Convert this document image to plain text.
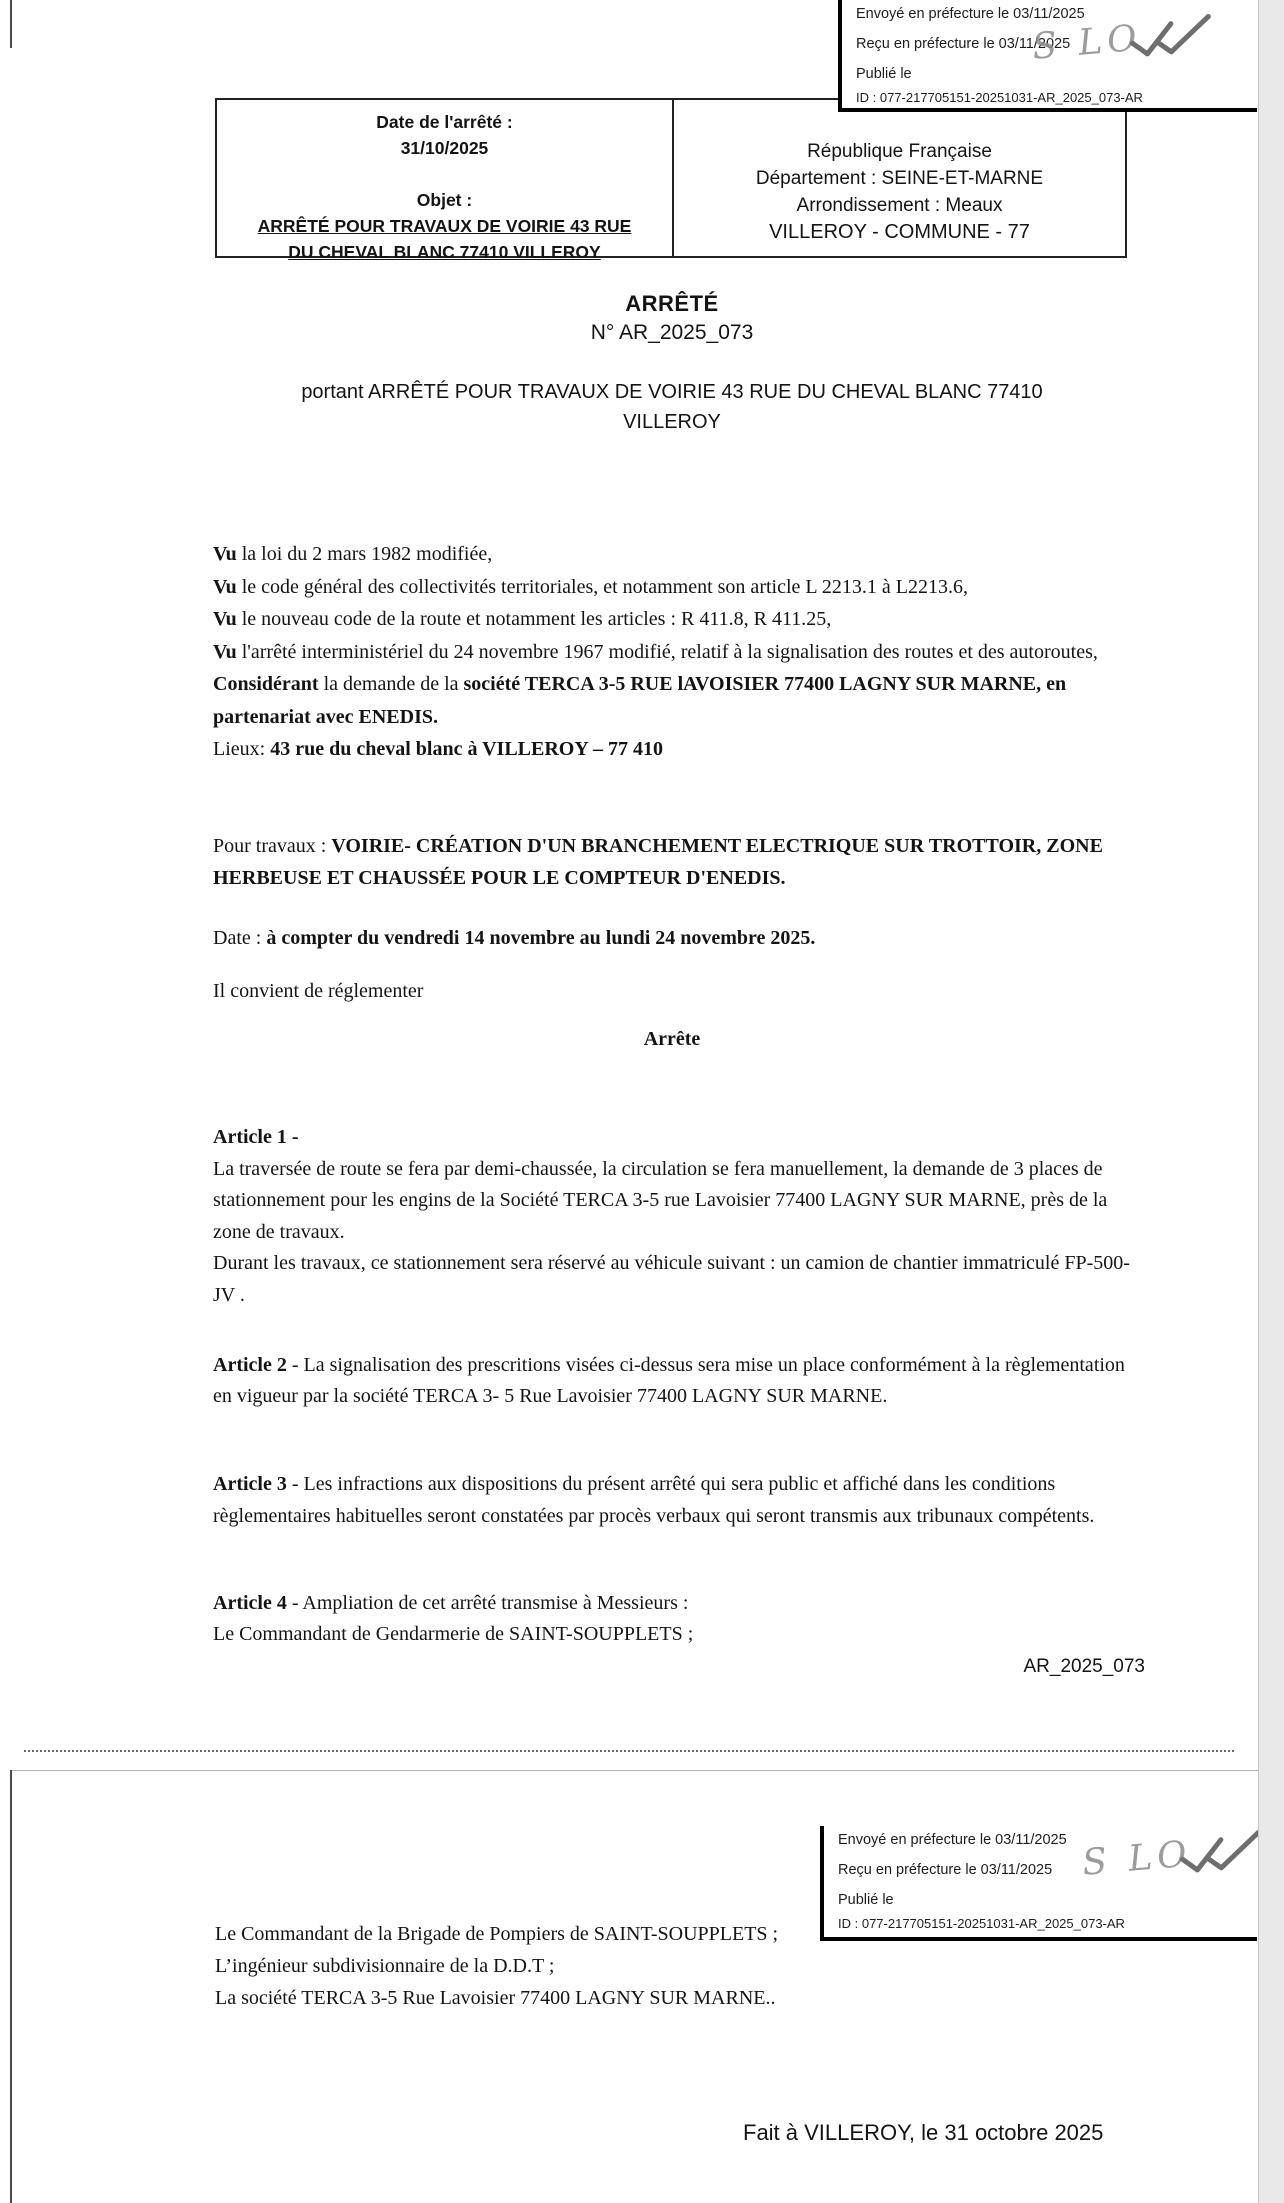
Envoyé en préfecture le 03/11/2025
Reçu en préfecture le 03/11/2025
Publié le
ID : 077-217705151-20251031-AR_2025_073-AR
S LO
Date de l'arrêté :
31/10/2025
Objet :
ARRÊTÉ POUR TRAVAUX DE VOIRIE 43 RUE
DU CHEVAL BLANC 77410 VILLEROY
République Française
Département : SEINE-ET-MARNE
Arrondissement : Meaux
VILLEROY - COMMUNE - 77
ARRÊTÉ
N° AR_2025_073
portant ARRÊTÉ POUR TRAVAUX DE VOIRIE 43 RUE DU CHEVAL BLANC 77410
VILLEROY
Vu la loi du 2 mars 1982 modifiée,
Vu le code général des collectivités territoriales, et notamment son article L 2213.1 à L2213.6,
Vu le nouveau code de la route et notamment les articles : R 411.8, R 411.25,
Vu l'arrêté interministériel du 24 novembre 1967 modifié, relatif à la signalisation des routes et des autoroutes,
Considérant la demande de la société TERCA 3-5 RUE lAVOISIER 77400 LAGNY SUR MARNE, en partenariat avec ENEDIS.
Lieux: 43 rue du cheval blanc à VILLEROY – 77 410
Pour travaux : VOIRIE- CRÉATION D'UN BRANCHEMENT ELECTRIQUE SUR TROTTOIR, ZONE HERBEUSE ET CHAUSSÉE POUR LE COMPTEUR D'ENEDIS.
Date : à compter du vendredi 14 novembre au lundi 24 novembre 2025.
Il convient de réglementer
Arrête
Article 1 -
La traversée de route se fera par demi-chaussée, la circulation se fera manuellement, la demande de 3 places de stationnement pour les engins de la Société TERCA 3-5 rue Lavoisier 77400 LAGNY SUR MARNE, près de la zone de travaux.
Durant les travaux, ce stationnement sera réservé au véhicule suivant : un camion de chantier immatriculé FP-500-JV .
Article 2 - La signalisation des prescritions visées ci-dessus sera mise un place conformément à la règlementation en vigueur par la société TERCA 3- 5 Rue Lavoisier 77400 LAGNY SUR MARNE.
Article 3 - Les infractions aux dispositions du présent arrêté qui sera public et affiché dans les conditions règlementaires habituelles seront constatées par procès verbaux qui seront transmis aux tribunaux compétents.
Article 4 - Ampliation de cet arrêté transmise à Messieurs :
Le Commandant de Gendarmerie de SAINT-SOUPPLETS ;
AR_2025_073
Le Commandant de la Brigade de Pompiers de SAINT-SOUPPLETS ;
L’ingénieur subdivisionnaire de la D.D.T ;
La société TERCA 3-5 Rue Lavoisier 77400 LAGNY SUR MARNE..
Envoyé en préfecture le 03/11/2025
Reçu en préfecture le 03/11/2025
Publié le
ID : 077-217705151-20251031-AR_2025_073-AR
S LO
Fait à VILLEROY, le 31 octobre 2025
